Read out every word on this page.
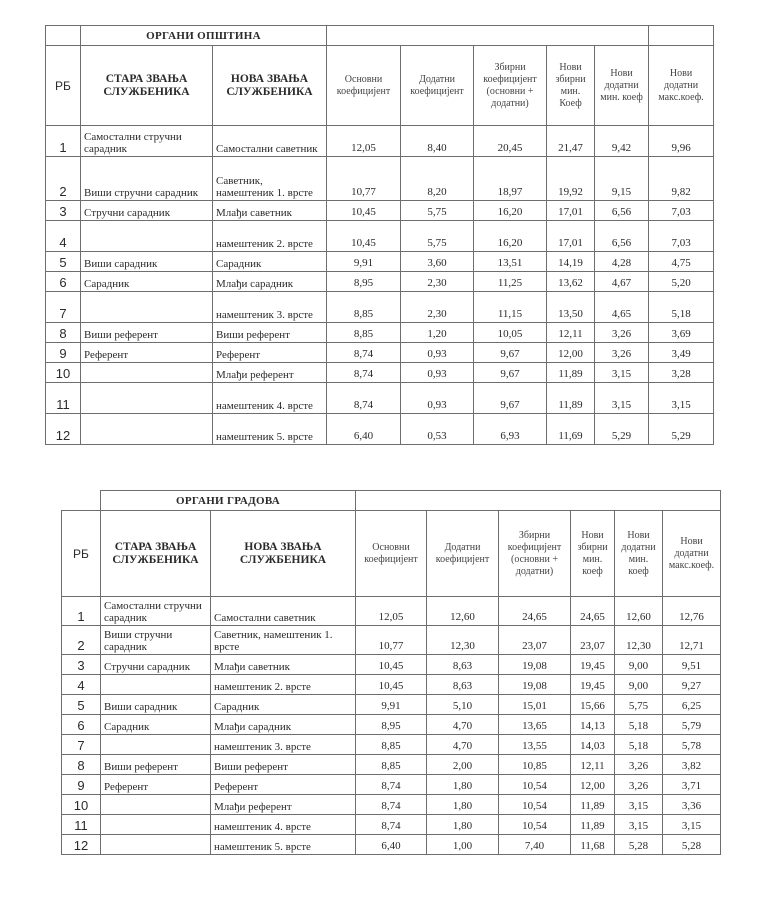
	ОРГАНИ ОПШТИНА							
РБ	СТАРА ЗВАЊА СЛУЖБЕНИКА	НОВА ЗВАЊА СЛУЖБЕНИКА	Основни коефицијент	Додатни коефицијент	Збирни коефицијент (основни + додатни)	Нови збирни мин. Коеф	Нови додатни мин. коеф	Нови додатни макс.коеф.
1	Самостални стручни сарадник	Самостални саветник	12,05	8,40	20,45	21,47	9,42	9,96
2	Виши стручни сарадник	Саветник, намештеник 1. врсте	10,77	8,20	18,97	19,92	9,15	9,82
3	Стручни сарадник	Млађи саветник	10,45	5,75	16,20	17,01	6,56	7,03
4		намештеник 2. врсте	10,45	5,75	16,20	17,01	6,56	7,03
5	Виши сарадник	Сарадник	9,91	3,60	13,51	14,19	4,28	4,75
6	Сарадник	Млађи сарадник	8,95	2,30	11,25	13,62	4,67	5,20
7		намештеник 3. врсте	8,85	2,30	11,15	13,50	4,65	5,18
8	Виши референт	Виши референт	8,85	1,20	10,05	12,11	3,26	3,69
9	Референт	Референт	8,74	0,93	9,67	12,00	3,26	3,49
10		Млађи референт	8,74	0,93	9,67	11,89	3,15	3,28
11		намештеник 4. врсте	8,74	0,93	9,67	11,89	3,15	3,15
12		намештеник 5. врсте	6,40	0,53	6,93	11,69	5,29	5,29
	ОРГАНИ ГРАДОВА							
РБ	СТАРА ЗВАЊА СЛУЖБЕНИКА	НОВА ЗВАЊА СЛУЖБЕНИКА	Основни коефицијент	Додатни коефицијент	Збирни коефицијент (основни + додатни)	Нови збирни мин. коеф	Нови додатни мин. коеф	Нови додатни макс.коеф.
1	Самостални стручни сарадник	Самостални саветник	12,05	12,60	24,65	24,65	12,60	12,76
2	Виши стручни сарадник	Саветник, намештеник 1. врсте	10,77	12,30	23,07	23,07	12,30	12,71
3	Стручни сарадник	Млађи саветник	10,45	8,63	19,08	19,45	9,00	9,51
4		намештеник 2. врсте	10,45	8,63	19,08	19,45	9,00	9,27
5	Виши сарадник	Сарадник	9,91	5,10	15,01	15,66	5,75	6,25
6	Сарадник	Млађи сарадник	8,95	4,70	13,65	14,13	5,18	5,79
7		намештеник 3. врсте	8,85	4,70	13,55	14,03	5,18	5,78
8	Виши референт	Виши референт	8,85	2,00	10,85	12,11	3,26	3,82
9	Референт	Референт	8,74	1,80	10,54	12,00	3,26	3,71
10		Млађи референт	8,74	1,80	10,54	11,89	3,15	3,36
11		намештеник 4. врсте	8,74	1,80	10,54	11,89	3,15	3,15
12		намештеник 5. врсте	6,40	1,00	7,40	11,68	5,28	5,28
